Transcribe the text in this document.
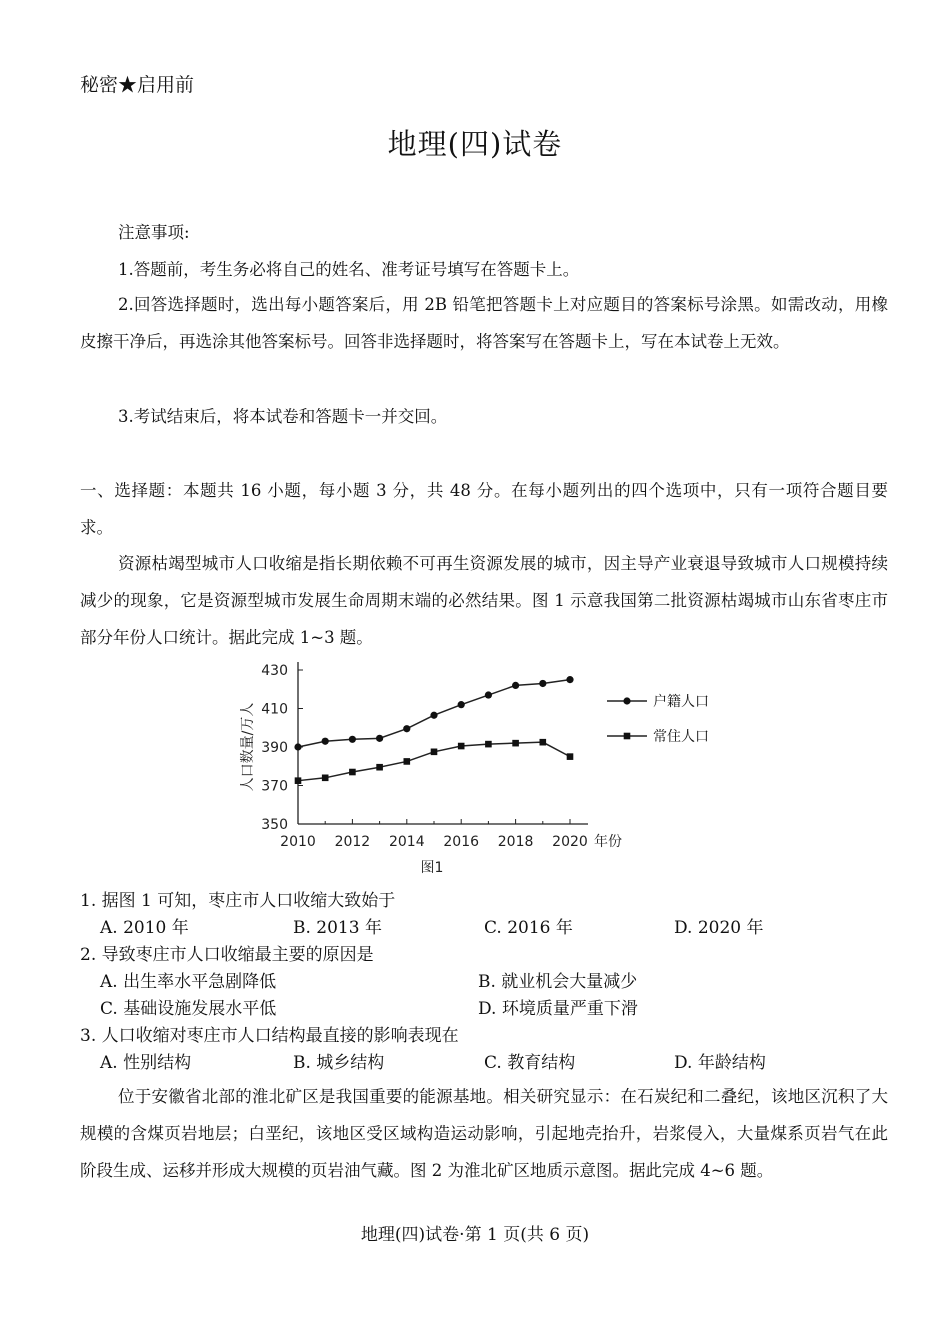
秘密★启用前
地理(四)试卷
注意事项:
1.答题前，考生务必将自己的姓名、准考证号填写在答题卡上。
2.回答选择题时，选出每小题答案后，用 2B 铅笔把答题卡上对应题目的答案标号涂黑。如需改动，用橡皮擦干净后，再选涂其他答案标号。回答非选择题时，将答案写在答题卡上，写在本试卷上无效。
3.考试结束后，将本试卷和答题卡一并交回。
一、选择题：本题共 16 小题，每小题 3 分，共 48 分。在每小题列出的四个选项中，只有一项符合题目要求。
资源枯竭型城市人口收缩是指长期依赖不可再生资源发展的城市，因主导产业衰退导致城市人口规模持续减少的现象，它是资源型城市发展生命周期末端的必然结果。图 1 示意我国第二批资源枯竭城市山东省枣庄市部分年份人口统计。据此完成 1~3 题。
350
370
390
410
430
2010 2012 2014 2016 2018 2020 年份
人口数量/万人
图1
1. 据图 1 可知，枣庄市人口收缩大致始于
A. 2010 年	B. 2013 年	C. 2016 年	D. 2020 年
2. 导致枣庄市人口收缩最主要的原因是
A. 出生率水平急剧降低	B. 就业机会大量减少
C. 基础设施发展水平低	D. 环境质量严重下滑
3. 人口收缩对枣庄市人口结构最直接的影响表现在
A. 性别结构	B. 城乡结构	C. 教育结构	D. 年龄结构
位于安徽省北部的淮北矿区是我国重要的能源基地。相关研究显示：在石炭纪和二叠纪，该地区沉积了大规模的含煤页岩地层；白垩纪，该地区受区域构造运动影响，引起地壳抬升，岩浆侵入，大量煤系页岩气在此阶段生成、运移并形成大规模的页岩油气藏。图 2 为淮北矿区地质示意图。据此完成 4~6 题。
地理(四)试卷·第 1 页(共 6 页)
户籍人口
常住人口
